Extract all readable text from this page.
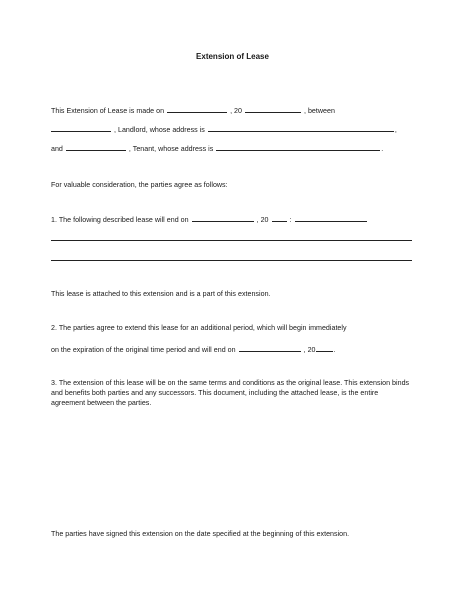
Extension of Lease
This Extension of Lease is made on	, 20	, between
, Landlord, whose address is	,
and	, Tenant, whose address is	.
For valuable consideration, the parties agree as follows:
1. The following described lease will end on	, 20	:
This lease is attached to this extension and is a part of this extension.
2. The parties agree to extend this lease for an additional period, which will begin immediately
on the expiration of the original time period and will end on	, 20	.
3. The extension of this lease will be on the same terms and conditions as the original lease. This extension binds and benefits both parties and any successors. This document, including the attached lease, is the entire agreement between the parties.
The parties have signed this extension on the date specified at the beginning of this extension.
